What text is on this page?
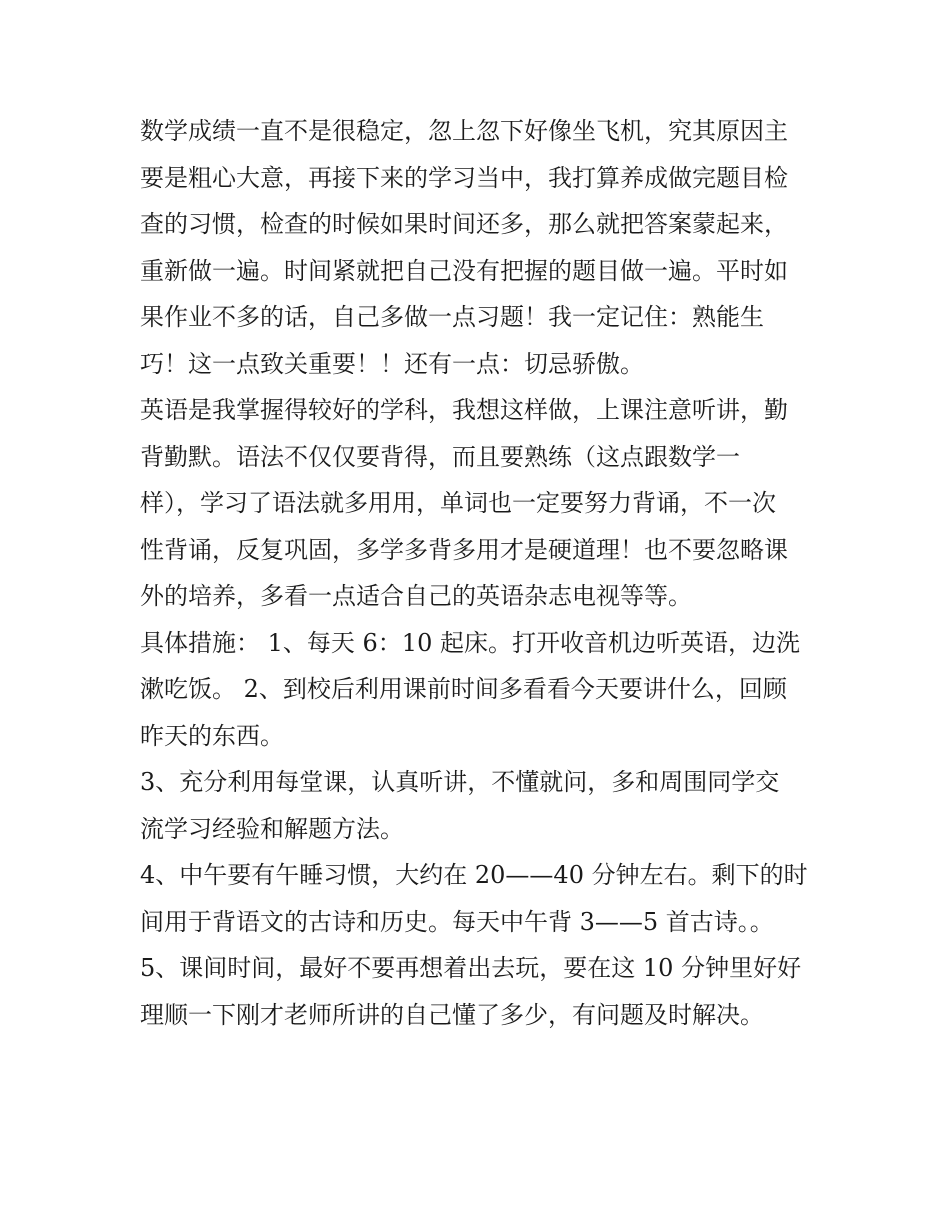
数学成绩一直不是很稳定，忽上忽下好像坐飞机，究其原因主
要是粗心大意，再接下来的学习当中，我打算养成做完题目检
查的习惯，检查的时候如果时间还多，那么就把答案蒙起来，
重新做一遍。时间紧就把自己没有把握的题目做一遍。平时如
果作业不多的话，自己多做一点习题！我一定记住：熟能生
巧！这一点致关重要！！还有一点：切忌骄傲。
英语是我掌握得较好的学科，我想这样做，上课注意听讲，勤
背勤默。语法不仅仅要背得，而且要熟练（这点跟数学一
样），学习了语法就多用用，单词也一定要努力背诵，不一次
性背诵，反复巩固，多学多背多用才是硬道理！也不要忽略课
外的培养，多看一点适合自己的英语杂志电视等等。
具体措施： 1、每天 6：10 起床。打开收音机边听英语，边洗
漱吃饭。 2、到校后利用课前时间多看看今天要讲什么，回顾
昨天的东西。
3、充分利用每堂课，认真听讲，不懂就问，多和周围同学交
流学习经验和解题方法。
4、中午要有午睡习惯，大约在 20——40 分钟左右。剩下的时
间用于背语文的古诗和历史。每天中午背 3——5 首古诗。。
5、课间时间，最好不要再想着出去玩，要在这 10 分钟里好好
理顺一下刚才老师所讲的自己懂了多少，有问题及时解决。
